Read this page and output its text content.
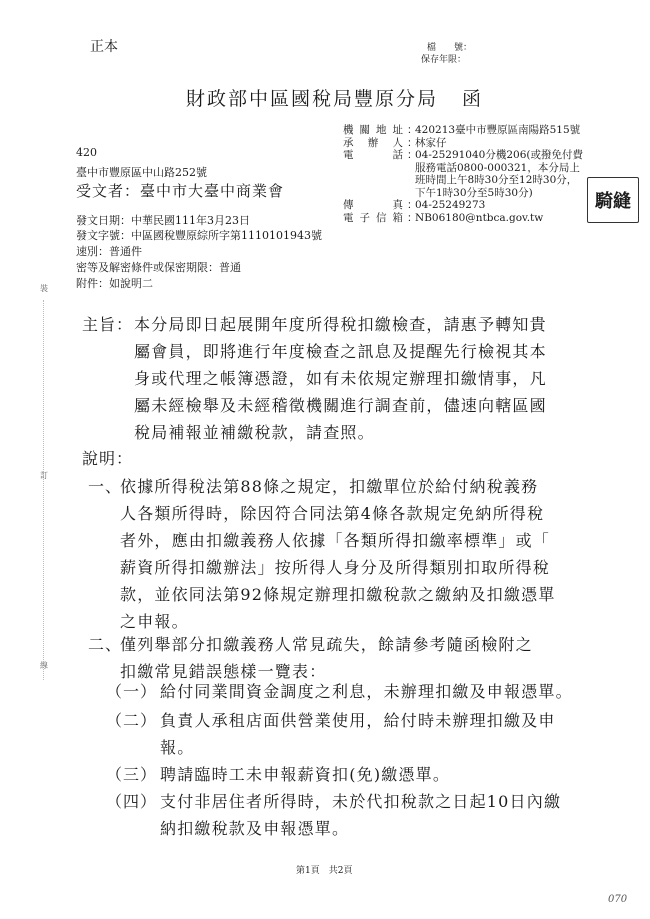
正本	檔　　號：
保存年限：
財政部中區國稅局豐原分局 函
機關地址 ：
420213臺中市豐原區南陽路515號
承辦人 ：
林家仔
電話 ：
04-25291040分機206(或撥免付費
服務電話0800-000321，本分局上
班時間上午8時30分至12時30分，
下午1時30分至5時30分)
傳真 ：
04-25249273
電子信箱 ：
NB06180@ntbca.gov.tw
420
臺中市豐原區中山路252號
受文者：臺中市大臺中商業會
發文日期：中華民國111年3月23日
發文字號：中區國稅豐原綜所字第1110101943號
速別：普通件
密等及解密條件或保密期限：普通
附件：如說明二
騎縫
裝
訂
線
主旨： 本分局即日起展開年度所得稅扣繳檢查，請惠予轉知貴
屬會員，即將進行年度檢查之訊息及提醒先行檢視其本
身或代理之帳簿憑證，如有未依規定辦理扣繳情事，凡
屬未經檢舉及未經稽徵機關進行調查前，儘速向轄區國
稅局補報並補繳稅款，請查照。
說明：
一、
依據所得稅法第88條之規定，扣繳單位於給付納稅義務
人各類所得時，除因符合同法第4條各款規定免納所得稅
者外，應由扣繳義務人依據「各類所得扣繳率標準」或「
薪資所得扣繳辦法」按所得人身分及所得類別扣取所得稅
款，並依同法第92條規定辦理扣繳稅款之繳納及扣繳憑單
之申報。
二、
僅列舉部分扣繳義務人常見疏失，餘請參考隨函檢附之
扣繳常見錯誤態樣一覽表：
（一） 給付同業間資金調度之利息，未辦理扣繳及申報憑單。
（二） 負責人承租店面供營業使用，給付時未辦理扣繳及申
報。
（三） 聘請臨時工未申報薪資扣(免)繳憑單。
（四） 支付非居住者所得時，未於代扣稅款之日起10日內繳
納扣繳稅款及申報憑單。
第1頁　共2頁
070
